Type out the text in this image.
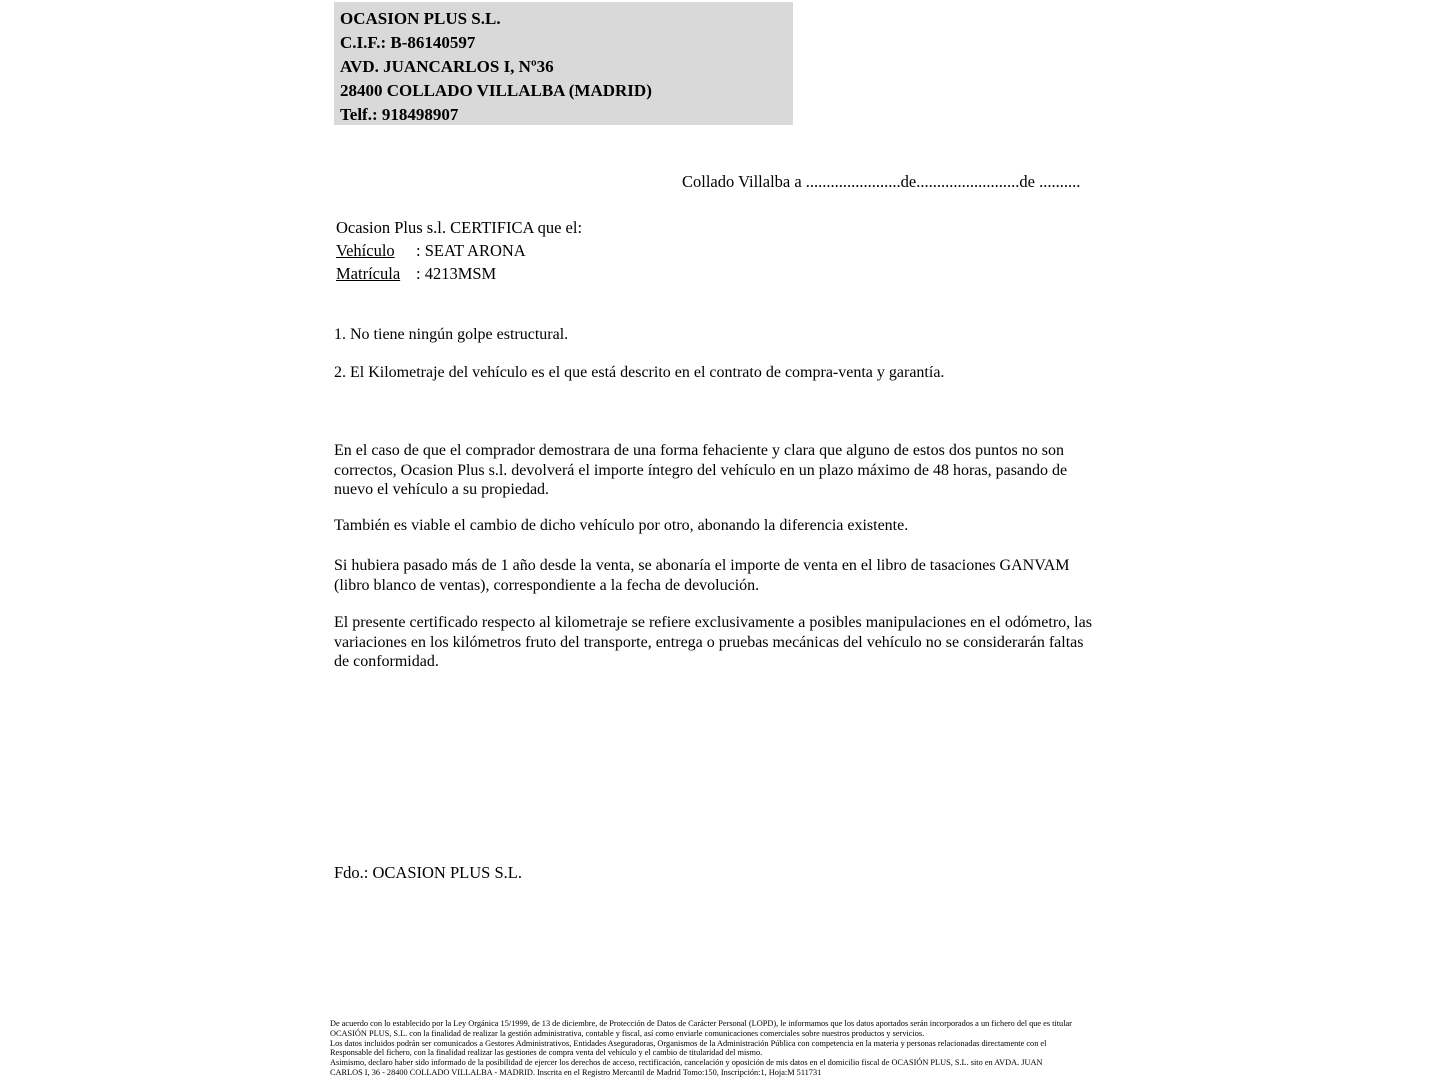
OCASION PLUS S.L.
C.I.F.: B-86140597
AVD. JUANCARLOS I, Nº36
28400 COLLADO VILLALBA (MADRID)
Telf.: 918498907
Collado Villalba a .......................de.........................de ..........
Ocasion Plus s.l. CERTIFICA que el:
Vehículo : SEAT ARONA
Matrícula : 4213MSM
1. No tiene ningún golpe estructural.
2. El Kilometraje del vehículo es el que está descrito en el contrato de compra-venta y garantía.
En el caso de que el comprador demostrara de una forma fehaciente y clara que alguno de estos dos puntos no son correctos, Ocasion Plus s.l. devolverá el importe íntegro del vehículo en un plazo máximo de 48 horas, pasando de nuevo el vehículo a su propiedad.
También es viable el cambio de dicho vehículo por otro, abonando la diferencia existente.
Si hubiera pasado más de 1 año desde la venta, se abonaría el importe de venta en el libro de tasaciones GANVAM (libro blanco de ventas), correspondiente a la fecha de devolución.
El presente certificado respecto al kilometraje se refiere exclusivamente a posibles manipulaciones en el odómetro, las variaciones en los kilómetros fruto del transporte, entrega o pruebas mecánicas del vehículo no se considerarán faltas de conformidad.
Fdo.: OCASION PLUS S.L.
De acuerdo con lo establecido por la Ley Orgánica 15/1999, de 13 de diciembre, de Protección de Datos de Carácter Personal (LOPD), le informamos que los datos aportados serán incorporados a un fichero del que es titular
OCASIÓN PLUS, S.L. con la finalidad de realizar la gestión administrativa, contable y fiscal, así como enviarle comunicaciones comerciales sobre nuestros productos y servicios.
Los datos incluidos podrán ser comunicados a Gestores Administrativos, Entidades Aseguradoras, Organismos de la Administración Pública con competencia en la materia y personas relacionadas directamente con el
Responsable del fichero, con la finalidad realizar las gestiones de compra venta del vehículo y el cambio de titularidad del mismo.
Asimismo, declaro haber sido informado de la posibilidad de ejercer los derechos de acceso, rectificación, cancelación y oposición de mis datos en el domicilio fiscal de OCASIÓN PLUS, S.L. sito en AVDA. JUAN
CARLOS I, 36 - 28400 COLLADO VILLALBA - MADRID. Inscrita en el Registro Mercantil de Madrid Tomo:150, Inscripción:1, Hoja:M 511731
